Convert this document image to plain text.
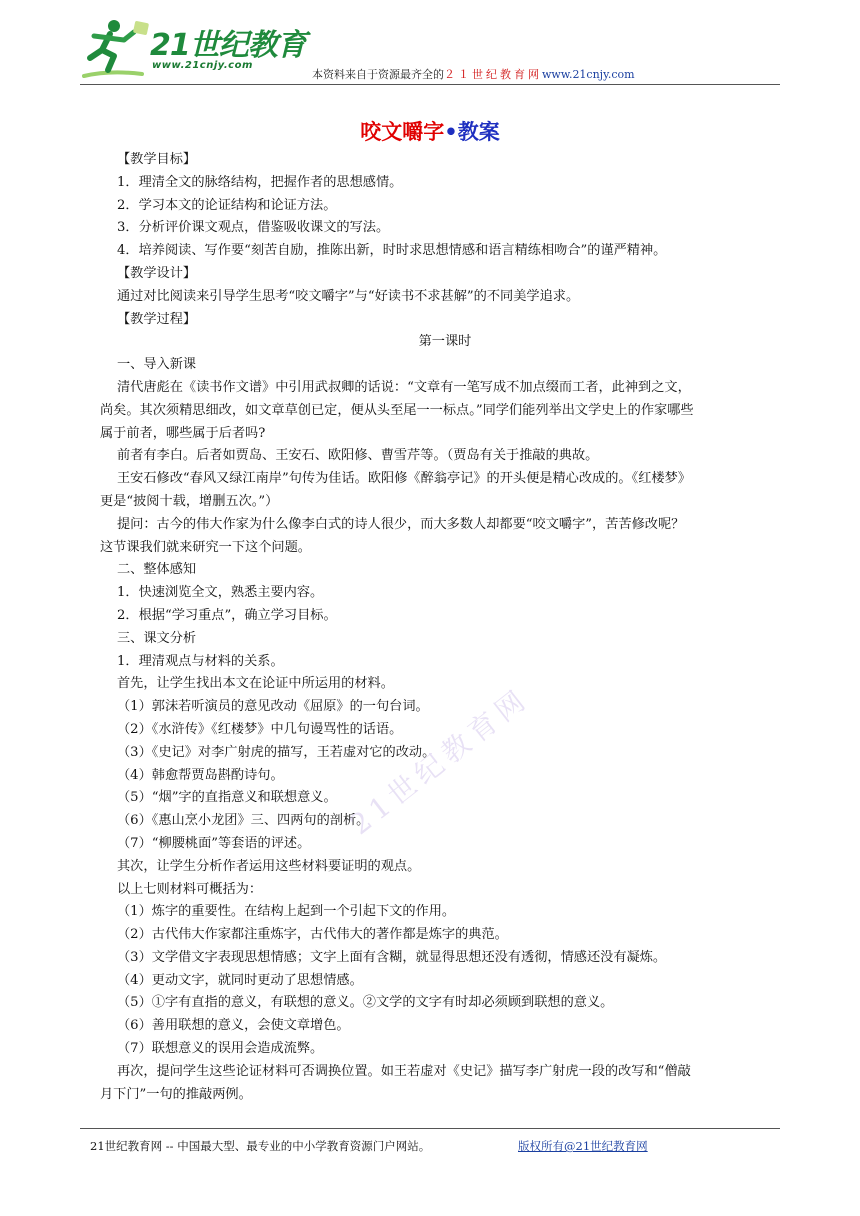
21世纪教育
www.21cnjy.com
本资料来自于资源最齐全的２１世纪教育网www.21cnjy.com
咬文嚼字•教案
21世纪教育网

【教学目标】

1．理清全文的脉络结构，把握作者的思想感情。

2．学习本文的论证结构和论证方法。

3．分析评价课文观点，借鉴吸收课文的写法。

4．培养阅读、写作要“刻苦自励，推陈出新，时时求思想情感和语言精练相吻合”的谨严精神。

【教学设计】

通过对比阅读来引导学生思考“咬文嚼字”与“好读书不求甚解”的不同美学追求。

【教学过程】

第一课时

一、导入新课

清代唐彪在《读书作文谱》中引用武叔卿的话说：“文章有一笔写成不加点缀而工者，此神到之文，

尚矣。其次须精思细改，如文章草创已定，便从头至尾一一标点。”同学们能列举出文学史上的作家哪些

属于前者，哪些属于后者吗?

前者有李白。后者如贾岛、王安石、欧阳修、曹雪芹等。（贾岛有关于推敲的典故。

王安石修改“春风又绿江南岸”句传为佳话。欧阳修《醉翁亭记》的开头便是精心改成的。《红楼梦》

更是“披阅十载，增删五次。”）

提问：古今的伟大作家为什么像李白式的诗人很少，而大多数人却都要“咬文嚼字”，苦苦修改呢？

这节课我们就来研究一下这个问题。

二、整体感知

1．快速浏览全文，熟悉主要内容。

2．根据“学习重点”，确立学习目标。

三、课文分析

1．理清观点与材料的关系。

首先，让学生找出本文在论证中所运用的材料。

（1）郭沫若听演员的意见改动《屈原》的一句台词。

（2）《水浒传》《红楼梦》中几句谩骂性的话语。

（3）《史记》对李广射虎的描写，王若虚对它的改动。

（4）韩愈帮贾岛斟酌诗句。

（5）“烟”字的直指意义和联想意义。

（6）《惠山烹小龙团》三、四两句的剖析。

（7）“柳腰桃面”等套语的评述。

其次，让学生分析作者运用这些材料要证明的观点。

以上七则材料可概括为：

（1）炼字的重要性。在结构上起到一个引起下文的作用。

（2）古代伟大作家都注重炼字，古代伟大的著作都是炼字的典范。

（3）文学借文字表现思想情感；文字上面有含糊，就显得思想还没有透彻，情感还没有凝炼。

（4）更动文字，就同时更动了思想情感。

（5）①字有直指的意义，有联想的意义。②文学的文字有时却必须顾到联想的意义。

（6）善用联想的意义，会使文章增色。

（7）联想意义的误用会造成流弊。

再次，提问学生这些论证材料可否调换位置。如王若虚对《史记》描写李广射虎一段的改写和“僧敲

月下门”一句的推敲两例。

21世纪教育网 -- 中国最大型、最专业的中小学教育资源门户网站。	版权所有@21世纪教育网
